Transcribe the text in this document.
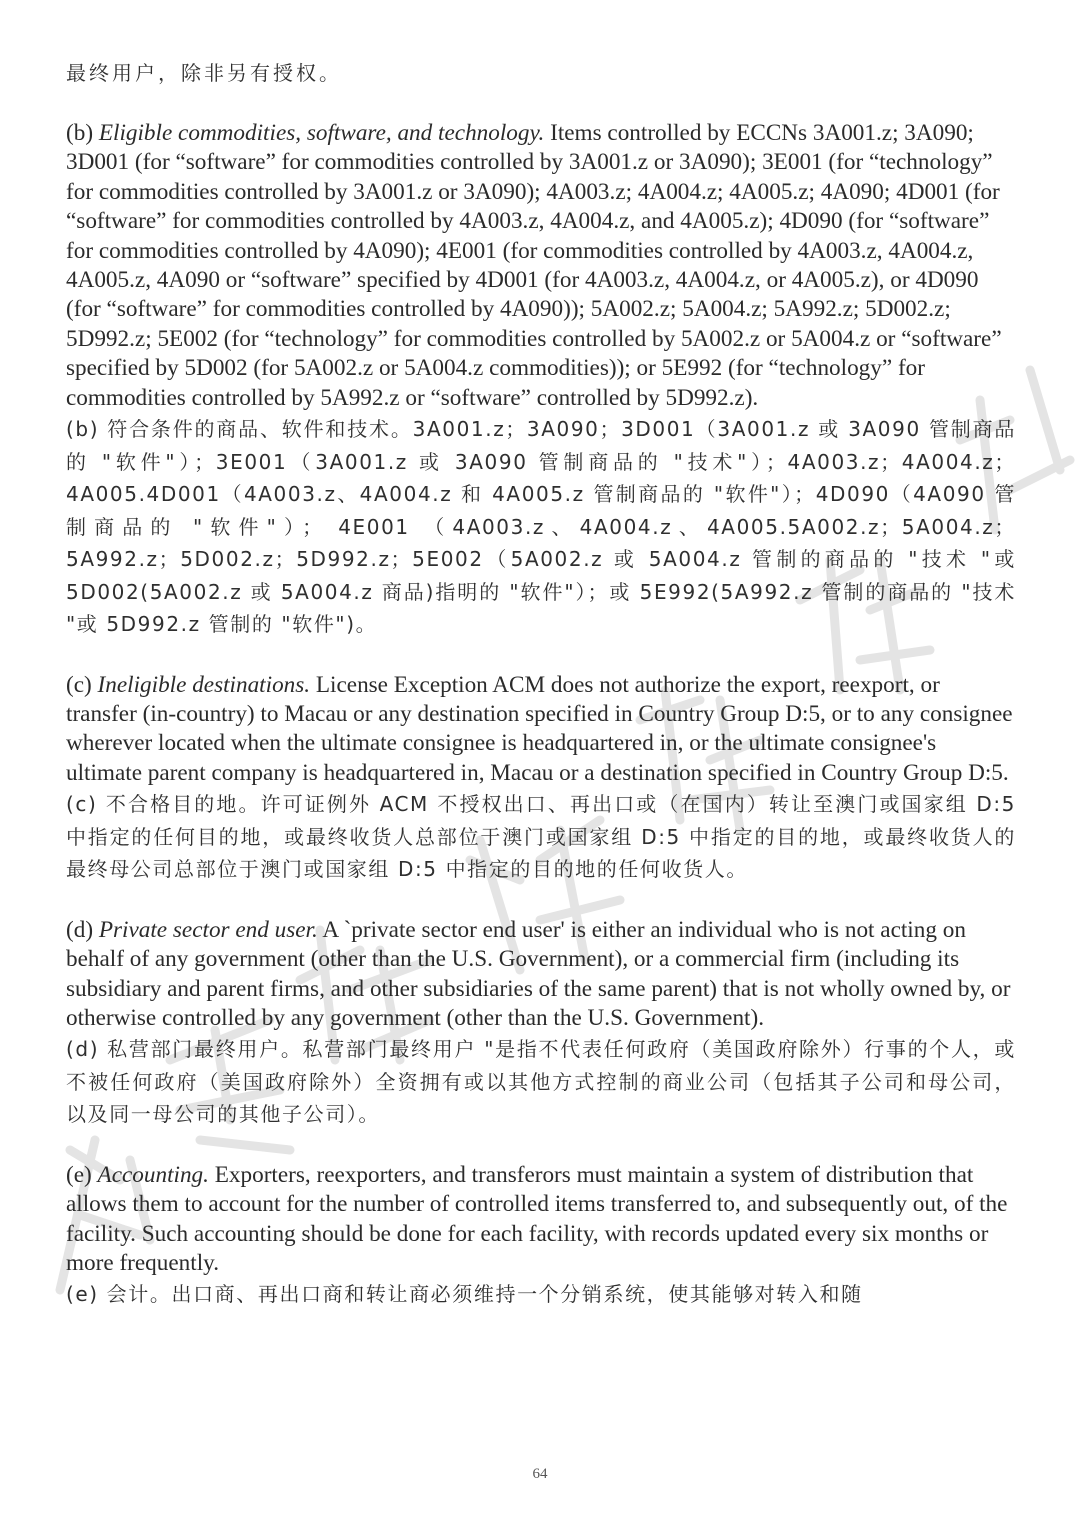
最终用户，除非另有授权。

(b) Eligible commodities, software, and technology. Items controlled by ECCNs 3A001.z; 3A090; 3D001 (for “software” for commodities controlled by 3A001.z or 3A090); 3E001 (for “technology” for commodities controlled by 3A001.z or 3A090); 4A003.z; 4A004.z; 4A005.z; 4A090; 4D001 (for “software” for commodities controlled by 4A003.z, 4A004.z, and 4A005.z); 4D090 (for “software” for commodities controlled by 4A090); 4E001 (for commodities controlled by 4A003.z, 4A004.z, 4A005.z, 4A090 or “software” specified by 4D001 (for 4A003.z, 4A004.z, or 4A005.z), or 4D090 (for “software” for commodities controlled by 4A090)); 5A002.z; 5A004.z; 5A992.z; 5D002.z; 5D992.z; 5E002 (for “technology” for commodities controlled by 5A002.z or 5A004.z or “software” specified by 5D002 (for 5A002.z or 5A004.z commodities)); or 5E992 (for “technology” for commodities controlled by 5A992.z or “software” controlled by 5D992.z).

(b) 符合条件的商品、软件和技术。3A001.z；3A090；3D001（3A001.z 或 3A090 管制商品的 "软件"）；3E001（3A001.z 或 3A090 管制商品的 "技术"）；4A003.z；4A004.z；4A005.4D001（4A003.z、4A004.z 和 4A005.z 管制商品的 "软件"）；4D090（4A090 管制商品的 "软件"）； 4E001 （4A003.z、4A004.z、4A005.5A002.z；5A004.z；5A992.z；5D002.z；5D992.z；5E002（5A002.z 或 5A004.z 管制的商品的 "技术 "或 5D002(5A002.z 或 5A004.z 商品)指明的 "软件"）；或 5E992(5A992.z 管制的商品的 "技术 "或 5D992.z 管制的 "软件")。

(c) Ineligible destinations. License Exception ACM does not authorize the export, reexport, or transfer (in-country) to Macau or any destination specified in Country Group D:5, or to any consignee wherever located when the ultimate consignee is headquartered in, or the ultimate consignee's ultimate parent company is headquartered in, Macau or a destination specified in Country Group D:5.

(c) 不合格目的地。许可证例外 ACM 不授权出口、再出口或（在国内）转让至澳门或国家组 D:5 中指定的任何目的地，或最终收货人总部位于澳门或国家组 D:5 中指定的目的地，或最终收货人的最终母公司总部位于澳门或国家组 D:5 中指定的目的地的任何收货人。

(d) Private sector end user. A `private sector end user' is either an individual who is not acting on behalf of any government (other than the U.S. Government), or a commercial firm (including its subsidiary and parent firms, and other subsidiaries of the same parent) that is not wholly owned by, or otherwise controlled by any government (other than the U.S. Government).

(d) 私营部门最终用户。私营部门最终用户 "是指不代表任何政府（美国政府除外）行事的个人，或不被任何政府（美国政府除外）全资拥有或以其他方式控制的商业公司（包括其子公司和母公司，以及同一母公司的其他子公司）。

(e) Accounting. Exporters, reexporters, and transferors must maintain a system of distribution that allows them to account for the number of controlled items transferred to, and subsequently out, of the facility. Such accounting should be done for each facility, with records updated every six months or more frequently.

(e) 会计。出口商、再出口商和转让商必须维持一个分销系统，使其能够对转入和随

64
